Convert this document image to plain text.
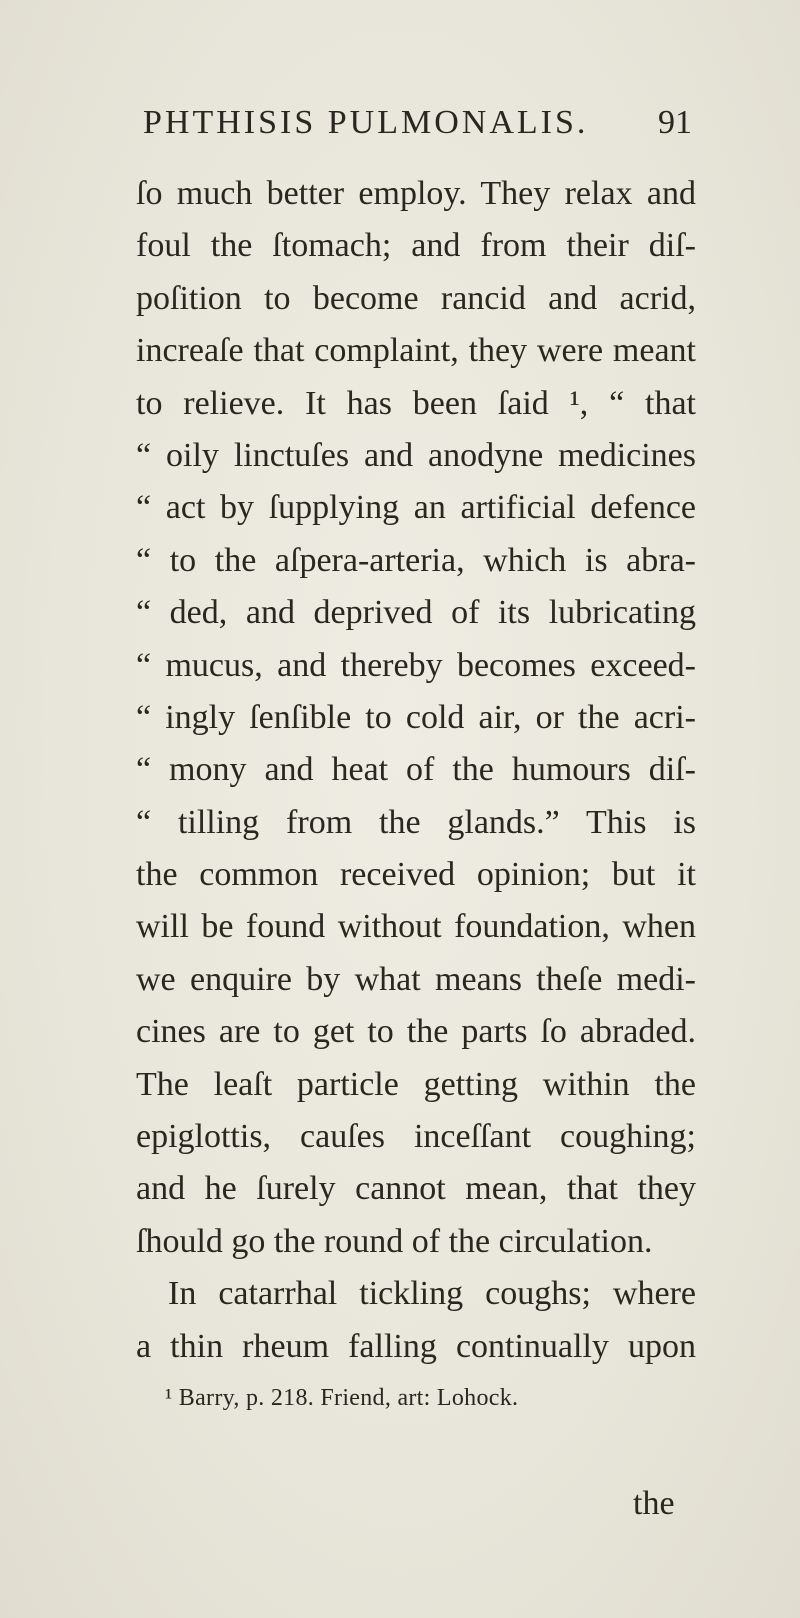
PHTHISIS PULMONALIS. 91
ſo much better employ. They relax and
foul the ſtomach; and from their diſ-
poſition to become rancid and acrid,
increaſe that complaint, they were meant
to relieve. It has been ſaid ¹, “ that
“ oily linctuſes and anodyne medicines
“ act by ſupplying an artificial defence
“ to the aſpera-arteria, which is abra-
“ ded, and deprived of its lubricating
“ mucus, and thereby becomes exceed-
“ ingly ſenſible to cold air, or the acri-
“ mony and heat of the humours diſ-
“ tilling from the glands.” This is
the common received opinion; but it
will be found without foundation, when
we enquire by what means theſe medi-
cines are to get to the parts ſo abraded.
The leaſt particle getting within the
epiglottis, cauſes inceſſant coughing;
and he ſurely cannot mean, that they
ſhould go the round of the circulation.
In catarrhal tickling coughs; where
a thin rheum falling continually upon
¹ Barry, p. 218. Friend, art: Lohock.
the
